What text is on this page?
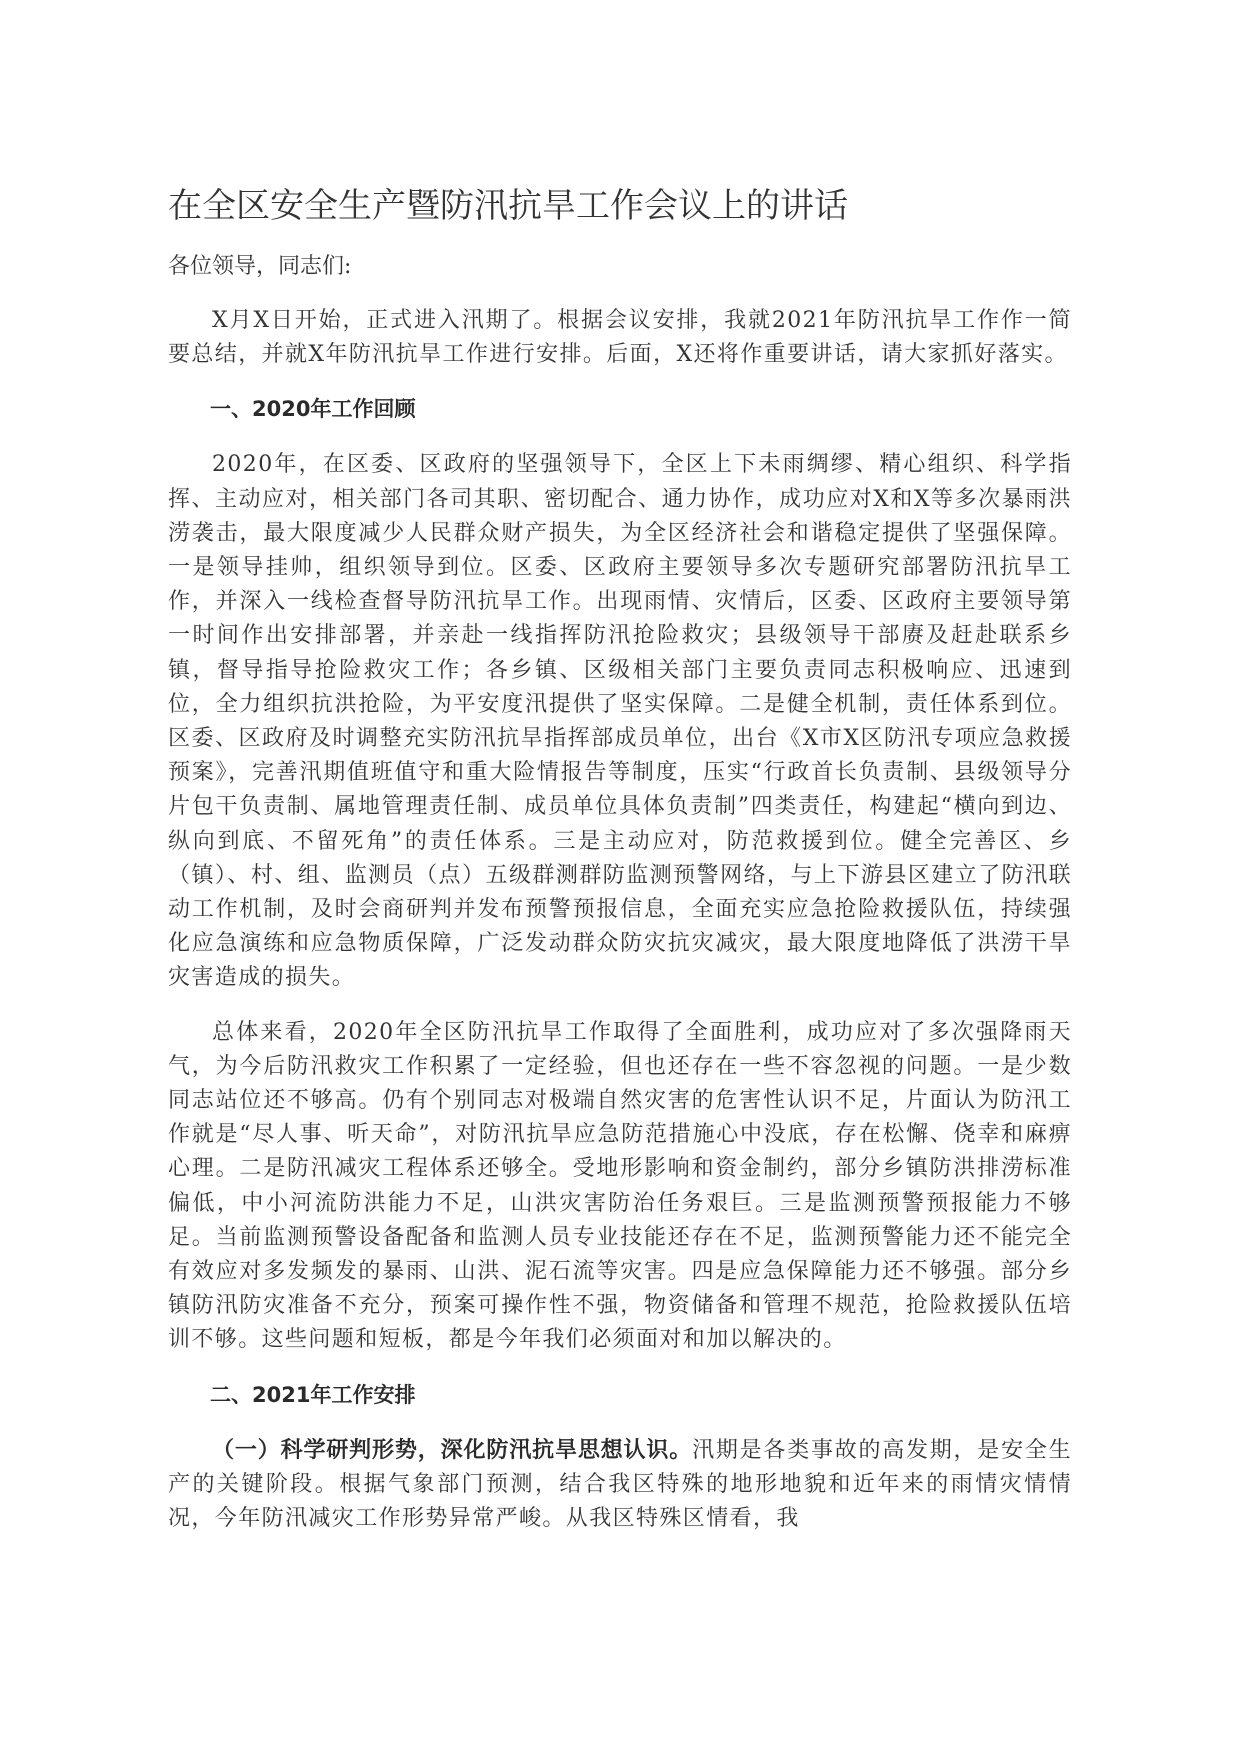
在全区安全生产暨防汛抗旱工作会议上的讲话

各位领导，同志们:

X月X日开始，正式进入汛期了。根据会议安排，我就2021年防汛抗旱工作作一简要总结，并就X年防汛抗旱工作进行安排。后面，X还将作重要讲话，请大家抓好落实。

一、2020年工作回顾

2020年，在区委、区政府的坚强领导下，全区上下未雨绸缪、精心组织、科学指挥、主动应对，相关部门各司其职、密切配合、通力协作，成功应对X和X等多次暴雨洪涝袭击，最大限度减少人民群众财产损失，为全区经济社会和谐稳定提供了坚强保障。一是领导挂帅，组织领导到位。区委、区政府主要领导多次专题研究部署防汛抗旱工作，并深入一线检查督导防汛抗旱工作。出现雨情、灾情后，区委、区政府主要领导第一时间作出安排部署，并亲赴一线指挥防汛抢险救灾；县级领导干部赓及赶赴联系乡镇，督导指导抢险救灾工作；各乡镇、区级相关部门主要负责同志积极响应、迅速到位，全力组织抗洪抢险，为平安度汛提供了坚实保障。二是健全机制，责任体系到位。区委、区政府及时调整充实防汛抗旱指挥部成员单位，出台《X市X区防汛专项应急救援预案》，完善汛期值班值守和重大险情报告等制度，压实“行政首长负责制、县级领导分片包干负责制、属地管理责任制、成员单位具体负责制”四类责任，构建起“横向到边、纵向到底、不留死角”的责任体系。三是主动应对，防范救援到位。健全完善区、乡（镇）、村、组、监测员（点）五级群测群防监测预警网络，与上下游县区建立了防汛联动工作机制，及时会商研判并发布预警预报信息，全面充实应急抢险救援队伍，持续强化应急演练和应急物质保障，广泛发动群众防灾抗灾减灾，最大限度地降低了洪涝干旱灾害造成的损失。

总体来看，2020年全区防汛抗旱工作取得了全面胜利，成功应对了多次强降雨天气，为今后防汛救灾工作积累了一定经验，但也还存在一些不容忽视的问题。一是少数同志站位还不够高。仍有个别同志对极端自然灾害的危害性认识不足，片面认为防汛工作就是“尽人事、听天命”，对防汛抗旱应急防范措施心中没底，存在松懈、侥幸和麻痹心理。二是防汛减灾工程体系还够全。受地形影响和资金制约，部分乡镇防洪排涝标准偏低，中小河流防洪能力不足，山洪灾害防治任务艰巨。三是监测预警预报能力不够足。当前监测预警设备配备和监测人员专业技能还存在不足，监测预警能力还不能完全有效应对多发频发的暴雨、山洪、泥石流等灾害。四是应急保障能力还不够强。部分乡镇防汛防灾准备不充分，预案可操作性不强，物资储备和管理不规范，抢险救援队伍培训不够。这些问题和短板，都是今年我们必须面对和加以解决的。

二、2021年工作安排

（一）科学研判形势，深化防汛抗旱思想认识。汛期是各类事故的高发期，是安全生产的关键阶段。根据气象部门预测，结合我区特殊的地形地貌和近年来的雨情灾情情况，今年防汛减灾工作形势异常严峻。从我区特殊区情看，我
